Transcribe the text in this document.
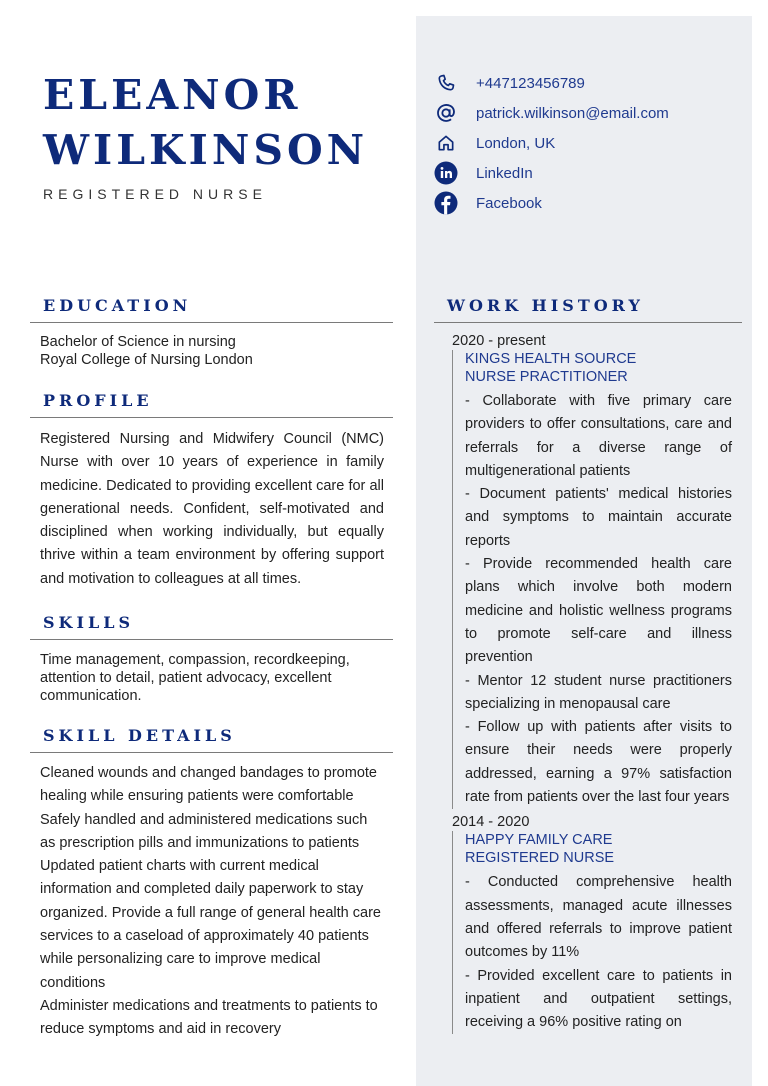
ELEANOR
WILKINSON
REGISTERED NURSE
+447123456789
patrick.wilkinson@email.com
London, UK
LinkedIn
Facebook
EDUCATION
Bachelor of Science in nursing
Royal College of Nursing London
PROFILE
Registered Nursing and Midwifery Council (NMC) Nurse with over 10 years of experience in family medicine. Dedicated to providing excellent care for all generational needs. Confident, self-motivated and disciplined when working individually, but equally thrive within a team environment by offering support and motivation to colleagues at all times.
SKILLS
Time management, compassion, recordkeeping, attention to detail, patient advocacy, excellent communication.
SKILL DETAILS
Cleaned wounds and changed bandages to promote healing while ensuring patients were comfortable
Safely handled and administered medications such as prescription pills and immunizations to patients
Updated patient charts with current medical information and completed daily paperwork to stay organized. Provide a full range of general health care services to a caseload of approximately 40 patients while personalizing care to improve medical conditions
Administer medications and treatments to patients to reduce symptoms and aid in recovery
WORK HISTORY
2020 - present
KINGS HEALTH SOURCE
NURSE PRACTITIONER
- Collaborate with five primary care providers to offer consultations, care and referrals for a diverse range of multigenerational patients
- Document patients' medical histories and symptoms to maintain accurate reports
- Provide recommended health care plans which involve both modern medicine and holistic wellness programs to promote self-care and illness prevention
- Mentor 12 student nurse practitioners specializing in menopausal care
- Follow up with patients after visits to ensure their needs were properly addressed, earning a 97% satisfaction rate from patients over the last four years
2014 - 2020
HAPPY FAMILY CARE
REGISTERED NURSE
- Conducted comprehensive health assessments, managed acute illnesses and offered referrals to improve patient outcomes by 11%
- Provided excellent care to patients in inpatient and outpatient settings, receiving a 96% positive rating on
